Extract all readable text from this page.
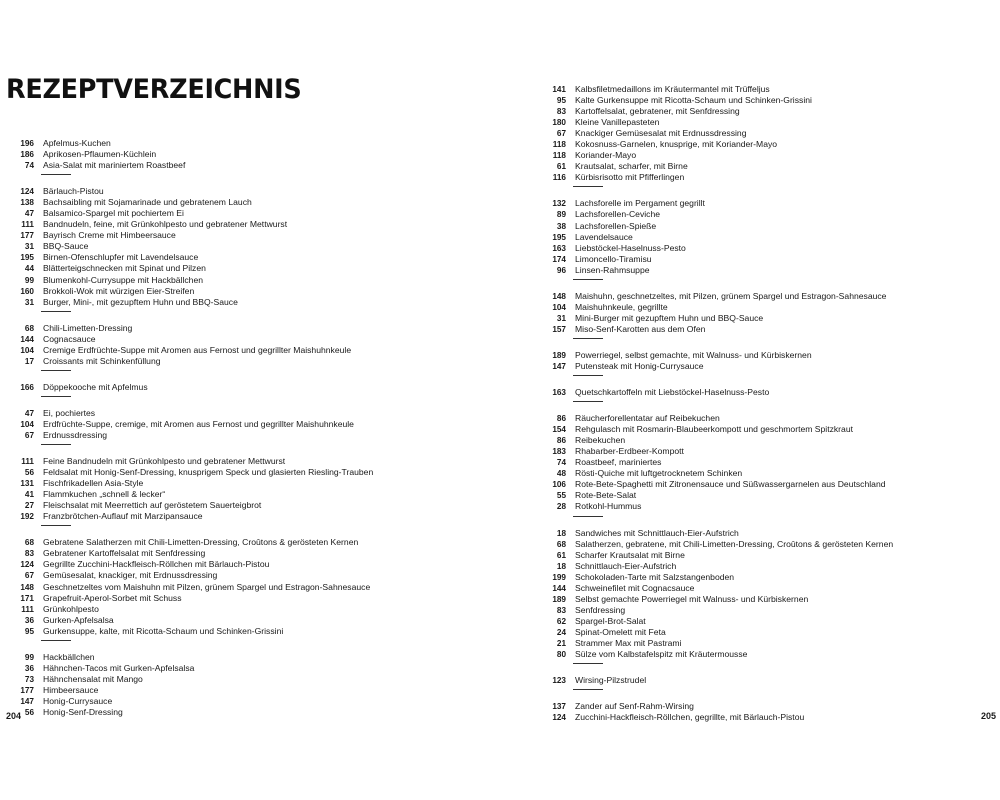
REZEPTVERZEICHNIS
196	Apfelmus-Kuchen
186	Aprikosen-Pflaumen-Küchlein
74	Asia-Salat mit mariniertem Roastbeef
124	Bärlauch-Pistou
138	Bachsaibling mit Sojamarinade und gebratenem Lauch
47	Balsamico-Spargel mit pochiertem Ei
111	Bandnudeln, feine, mit Grünkohlpesto und gebratener Mettwurst
177	Bayrisch Creme mit Himbeersauce
31	BBQ-Sauce
195	Birnen-Ofenschlupfer mit Lavendelsauce
44	Blätterteigschnecken mit Spinat und Pilzen
99	Blumenkohl-Currysuppe mit Hackbällchen
160	Brokkoli-Wok mit würzigen Eier-Streifen
31	Burger, Mini-, mit gezupftem Huhn und BBQ-Sauce
68	Chili-Limetten-Dressing
144	Cognacsauce
104	Cremige Erdfrüchte-Suppe mit Aromen aus Fernost und gegrillter Maishuhnkeule
17	Croissants mit Schinkenfüllung
166	Döppekooche mit Apfelmus
47	Ei, pochiertes
104	Erdfrüchte-Suppe, cremige, mit Aromen aus Fernost und gegrillter Maishuhnkeule
67	Erdnussdressing
111	Feine Bandnudeln mit Grünkohlpesto und gebratener Mettwurst
56	Feldsalat mit Honig-Senf-Dressing, knusprigem Speck und glasierten Riesling-Trauben
131	Fischfrikadellen Asia-Style
41	Flammkuchen „schnell & lecker“
27	Fleischsalat mit Meerrettich auf geröstetem Sauerteigbrot
192	Franzbrötchen-Auflauf mit Marzipansauce
68	Gebratene Salatherzen mit Chili-Limetten-Dressing, Croûtons & gerösteten Kernen
83	Gebratener Kartoffelsalat mit Senfdressing
124	Gegrillte Zucchini-Hackfleisch-Röllchen mit Bärlauch-Pistou
67	Gemüsesalat, knackiger, mit Erdnussdressing
148	Geschnetzeltes vom Maishuhn mit Pilzen, grünem Spargel und Estragon-Sahnesauce
171	Grapefruit-Aperol-Sorbet mit Schuss
111	Grünkohlpesto
36	Gurken-Apfelsalsa
95	Gurkensuppe, kalte, mit Ricotta-Schaum und Schinken-Grissini
99	Hackbällchen
36	Hähnchen-Tacos mit Gurken-Apfelsalsa
73	Hähnchensalat mit Mango
177	Himbeersauce
147	Honig-Currysauce
56	Honig-Senf-Dressing
204
141	Kalbsfiletmedaillons im Kräutermantel mit Trüffeljus
95	Kalte Gurkensuppe mit Ricotta-Schaum und Schinken-Grissini
83	Kartoffelsalat, gebratener, mit Senfdressing
180	Kleine Vanillepasteten
67	Knackiger Gemüsesalat mit Erdnussdressing
118	Kokosnuss-Garnelen, knusprige, mit Koriander-Mayo
118	Koriander-Mayo
61	Krautsalat, scharfer, mit Birne
116	Kürbisrisotto mit Pfifferlingen
132	Lachsforelle im Pergament gegrillt
89	Lachsforellen-Ceviche
38	Lachsforellen-Spieße
195	Lavendelsauce
163	Liebstöckel-Haselnuss-Pesto
174	Limoncello-Tiramisu
96	Linsen-Rahmsuppe
148	Maishuhn, geschnetzeltes, mit Pilzen, grünem Spargel und Estragon-Sahnesauce
104	Maishuhnkeule, gegrillte
31	Mini-Burger mit gezupftem Huhn und BBQ-Sauce
157	Miso-Senf-Karotten aus dem Ofen
189	Powerriegel, selbst gemachte, mit Walnuss- und Kürbiskernen
147	Putensteak mit Honig-Currysauce
163	Quetschkartoffeln mit Liebstöckel-Haselnuss-Pesto
86	Räucherforellentatar auf Reibekuchen
154	Rehgulasch mit Rosmarin-Blaubeerkompott und geschmortem Spitzkraut
86	Reibekuchen
183	Rhabarber-Erdbeer-Kompott
74	Roastbeef, mariniertes
48	Rösti-Quiche mit luftgetrocknetem Schinken
106	Rote-Bete-Spaghetti mit Zitronensauce und Süßwassergarnelen aus Deutschland
55	Rote-Bete-Salat
28	Rotkohl-Hummus
18	Sandwiches mit Schnittlauch-Eier-Aufstrich
68	Salatherzen, gebratene, mit Chili-Limetten-Dressing, Croûtons & gerösteten Kernen
61	Scharfer Krautsalat mit Birne
18	Schnittlauch-Eier-Aufstrich
199	Schokoladen-Tarte mit Salzstangenboden
144	Schweinefilet mit Cognacsauce
189	Selbst gemachte Powerriegel mit Walnuss- und Kürbiskernen
83	Senfdressing
62	Spargel-Brot-Salat
24	Spinat-Omelett mit Feta
21	Strammer Max mit Pastrami
80	Sülze vom Kalbstafelspitz mit Kräutermousse
123	Wirsing-Pilzstrudel
137	Zander auf Senf-Rahm-Wirsing
124	Zucchini-Hackfleisch-Röllchen, gegrillte, mit Bärlauch-Pistou	205
